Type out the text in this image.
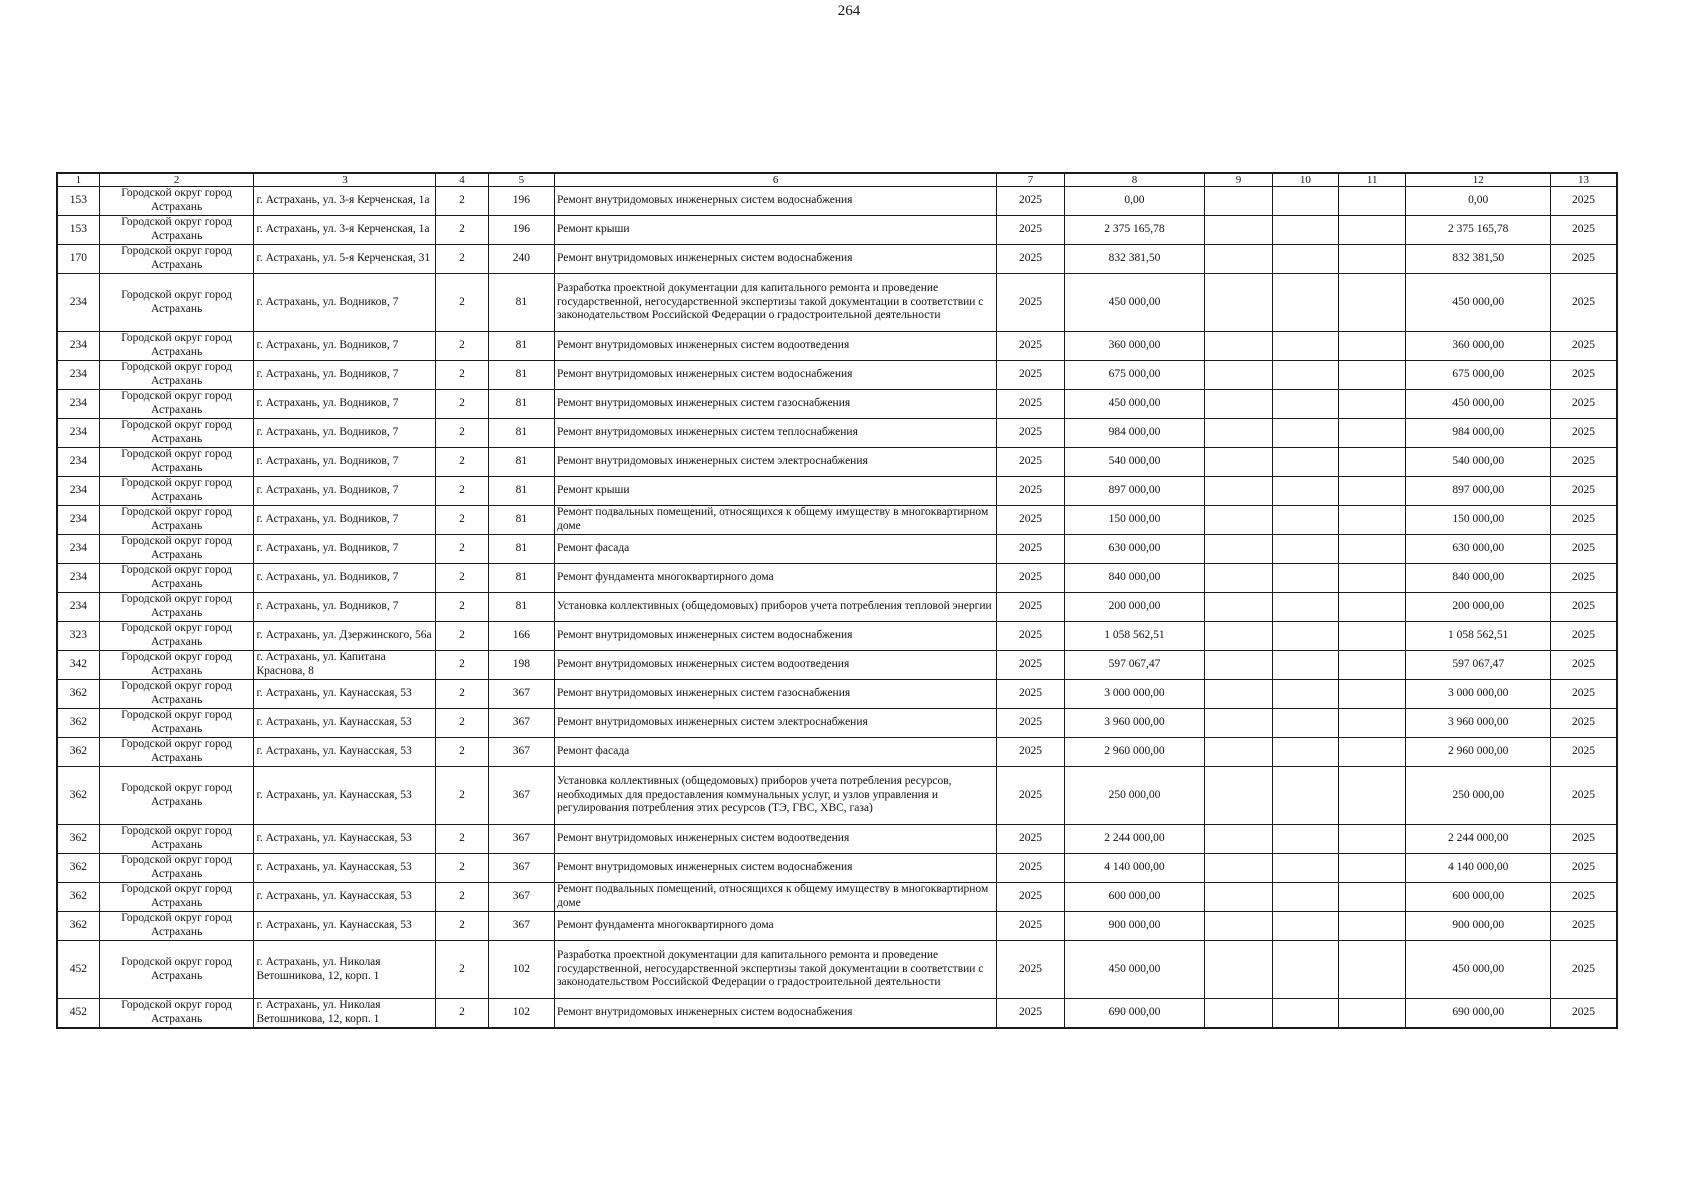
264
1	2	3	4	5	6	7	8	9	10	11	12	13
153	Городской округ город Астрахань	г. Астрахань, ул. 3-я Керченская, 1а	2	196	Ремонт внутридомовых инженерных систем водоснабжения	2025	0,00				0,00	2025
153	Городской округ город Астрахань	г. Астрахань, ул. 3-я Керченская, 1а	2	196	Ремонт крыши	2025	2 375 165,78				2 375 165,78	2025
170	Городской округ город Астрахань	г. Астрахань, ул. 5-я Керченская, 31	2	240	Ремонт внутридомовых инженерных систем водоснабжения	2025	832 381,50				832 381,50	2025
234	Городской округ город Астрахань	г. Астрахань, ул. Водников, 7	2	81	Разработка проектной документации для капитального ремонта и проведение государственной, негосударственной экспертизы такой документации в соответствии с законодательством Российской Федерации о градостроительной деятельности	2025	450 000,00				450 000,00	2025
234	Городской округ город Астрахань	г. Астрахань, ул. Водников, 7	2	81	Ремонт внутридомовых инженерных систем водоотведения	2025	360 000,00				360 000,00	2025
234	Городской округ город Астрахань	г. Астрахань, ул. Водников, 7	2	81	Ремонт внутридомовых инженерных систем водоснабжения	2025	675 000,00				675 000,00	2025
234	Городской округ город Астрахань	г. Астрахань, ул. Водников, 7	2	81	Ремонт внутридомовых инженерных систем газоснабжения	2025	450 000,00				450 000,00	2025
234	Городской округ город Астрахань	г. Астрахань, ул. Водников, 7	2	81	Ремонт внутридомовых инженерных систем теплоснабжения	2025	984 000,00				984 000,00	2025
234	Городской округ город Астрахань	г. Астрахань, ул. Водников, 7	2	81	Ремонт внутридомовых инженерных систем электроснабжения	2025	540 000,00				540 000,00	2025
234	Городской округ город Астрахань	г. Астрахань, ул. Водников, 7	2	81	Ремонт крыши	2025	897 000,00				897 000,00	2025
234	Городской округ город Астрахань	г. Астрахань, ул. Водников, 7	2	81	Ремонт подвальных помещений, относящихся к общему имуществу в многоквартирном доме	2025	150 000,00				150 000,00	2025
234	Городской округ город Астрахань	г. Астрахань, ул. Водников, 7	2	81	Ремонт фасада	2025	630 000,00				630 000,00	2025
234	Городской округ город Астрахань	г. Астрахань, ул. Водников, 7	2	81	Ремонт фундамента многоквартирного дома	2025	840 000,00				840 000,00	2025
234	Городской округ город Астрахань	г. Астрахань, ул. Водников, 7	2	81	Установка коллективных (общедомовых) приборов учета потребления тепловой энергии	2025	200 000,00				200 000,00	2025
323	Городской округ город Астрахань	г. Астрахань, ул. Дзержинского, 56а	2	166	Ремонт внутридомовых инженерных систем водоснабжения	2025	1 058 562,51				1 058 562,51	2025
342	Городской округ город Астрахань	г. Астрахань, ул. Капитана Краснова, 8	2	198	Ремонт внутридомовых инженерных систем водоотведения	2025	597 067,47				597 067,47	2025
362	Городской округ город Астрахань	г. Астрахань, ул. Каунасская, 53	2	367	Ремонт внутридомовых инженерных систем газоснабжения	2025	3 000 000,00				3 000 000,00	2025
362	Городской округ город Астрахань	г. Астрахань, ул. Каунасская, 53	2	367	Ремонт внутридомовых инженерных систем электроснабжения	2025	3 960 000,00				3 960 000,00	2025
362	Городской округ город Астрахань	г. Астрахань, ул. Каунасская, 53	2	367	Ремонт фасада	2025	2 960 000,00				2 960 000,00	2025
362	Городской округ город Астрахань	г. Астрахань, ул. Каунасская, 53	2	367	Установка коллективных (общедомовых) приборов учета потребления ресурсов, необходимых для предоставления коммунальных услуг, и узлов управления и регулирования потребления этих ресурсов (ТЭ, ГВС, ХВС, газа)	2025	250 000,00				250 000,00	2025
362	Городской округ город Астрахань	г. Астрахань, ул. Каунасская, 53	2	367	Ремонт внутридомовых инженерных систем водоотведения	2025	2 244 000,00				2 244 000,00	2025
362	Городской округ город Астрахань	г. Астрахань, ул. Каунасская, 53	2	367	Ремонт внутридомовых инженерных систем водоснабжения	2025	4 140 000,00				4 140 000,00	2025
362	Городской округ город Астрахань	г. Астрахань, ул. Каунасская, 53	2	367	Ремонт подвальных помещений, относящихся к общему имуществу в многоквартирном доме	2025	600 000,00				600 000,00	2025
362	Городской округ город Астрахань	г. Астрахань, ул. Каунасская, 53	2	367	Ремонт фундамента многоквартирного дома	2025	900 000,00				900 000,00	2025
452	Городской округ город Астрахань	г. Астрахань, ул. Николая Ветошникова, 12, корп. 1	2	102	Разработка проектной документации для капитального ремонта и проведение государственной, негосударственной экспертизы такой документации в соответствии с законодательством Российской Федерации о градостроительной деятельности	2025	450 000,00				450 000,00	2025
452	Городской округ город Астрахань	г. Астрахань, ул. Николая Ветошникова, 12, корп. 1	2	102	Ремонт внутридомовых инженерных систем водоснабжения	2025	690 000,00				690 000,00	2025
